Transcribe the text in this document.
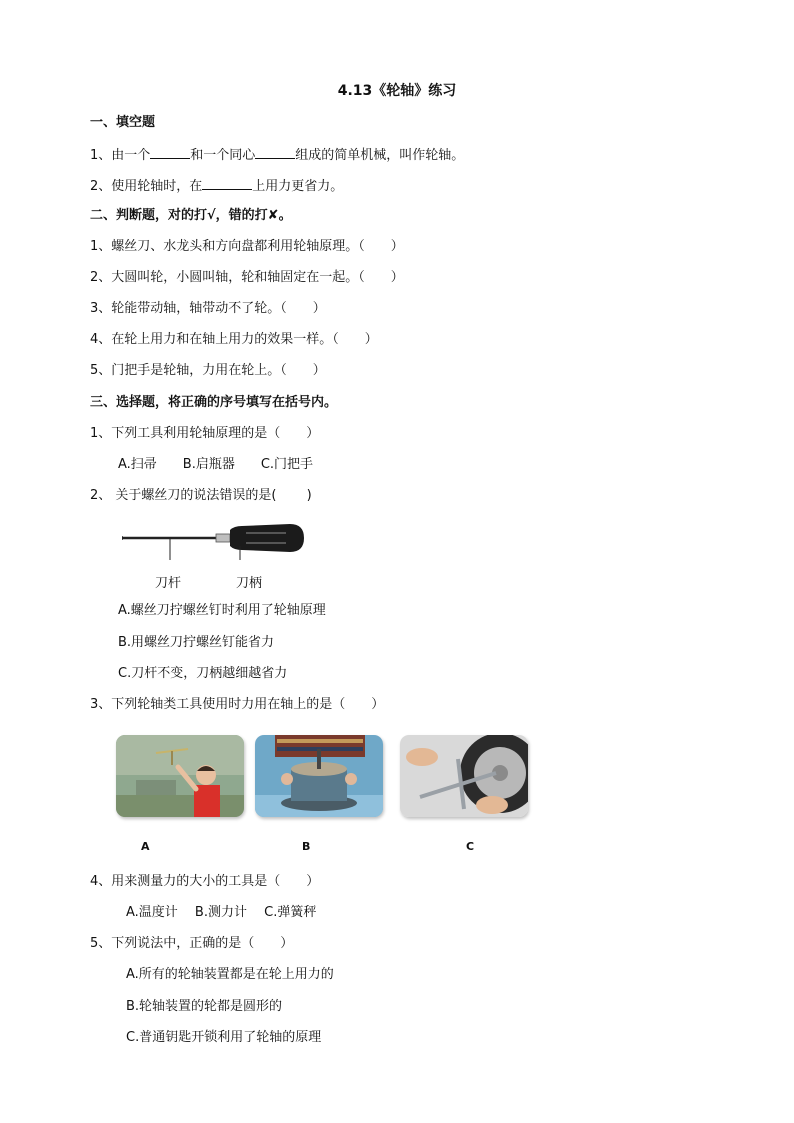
4.13《轮轴》练习
一、填空题
1、由一个	和一个同心	组成的简单机械，叫作轮轴。
2、使用轮轴时，在	上用力更省力。
二、判断题，对的打√，错的打✘。
1、螺丝刀、水龙头和方向盘都利用轮轴原理。（　　）
2、大圆叫轮，小圆叫轴，轮和轴固定在一起。（　　）
3、轮能带动轴，轴带动不了轮。（　　）
4、在轮上用力和在轴上用力的效果一样。（　　）
5、门把手是轮轴，力用在轮上。（　　）
三、选择题，将正确的序号填写在括号内。
1、下列工具利用轮轴原理的是（　　）
A.扫帚　　B.启瓶器　　C.门把手
2、 关于螺丝刀的说法错误的是(　　 )
刀杆	刀柄
A.螺丝刀拧螺丝钉时利用了轮轴原理
B.用螺丝刀拧螺丝钉能省力
C.刀杆不变，刀柄越细越省力
3、下列轮轴类工具使用时力用在轴上的是（　　）
A	B	C
4、用来测量力的大小的工具是（　　）
A.温度计　 B.测力计　 C.弹簧秤
5、下列说法中，正确的是（　　）
A.所有的轮轴装置都是在轮上用力的
B.轮轴装置的轮都是圆形的
C.普通钥匙开锁利用了轮轴的原理
